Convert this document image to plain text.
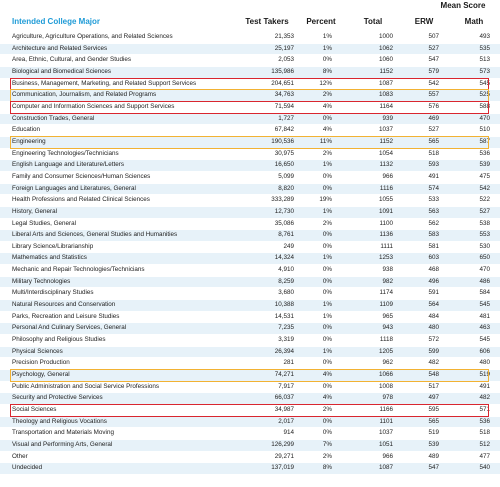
Mean Score
Intended College Major	Test Takers	Percent	Total	ERW	Math
Agriculture, Agriculture Operations, and Related Sciences	21,353	1%	1000	507	493
Architecture and Related Services	25,197	1%	1062	527	535
Area, Ethnic, Cultural, and Gender Studies	2,053	0%	1060	547	513
Biological and Biomedical Sciences	135,986	8%	1152	579	573
Business, Management, Marketing, and Related Support Services	204,651	12%	1087	542	545
Communication, Journalism, and Related Programs	34,763	2%	1083	557	525
Computer and Information Sciences and Support Services	71,594	4%	1164	576	588
Construction Trades, General	1,727	0%	939	469	470
Education	67,842	4%	1037	527	510
Engineering	190,536	11%	1152	565	587
Engineering Technologies/Technicians	30,975	2%	1054	518	536
English Language and Literature/Letters	16,650	1%	1132	593	539
Family and Consumer Sciences/Human Sciences	5,099	0%	966	491	475
Foreign Languages and Literatures, General	8,820	0%	1116	574	542
Health Professions and Related Clinical Sciences	333,289	19%	1055	533	522
History, General	12,730	1%	1091	563	527
Legal Studies, General	35,086	2%	1100	562	538
Liberal Arts and Sciences, General Studies and Humanities	8,761	0%	1136	583	553
Library Science/Librarianship	249	0%	1111	581	530
Mathematics and Statistics	14,324	1%	1253	603	650
Mechanic and Repair Technologies/Technicians	4,910	0%	938	468	470
Military Technologies	8,259	0%	982	496	486
Multi/Interdisciplinary Studies	3,680	0%	1174	591	584
Natural Resources and Conservation	10,388	1%	1109	564	545
Parks, Recreation and Leisure Studies	14,531	1%	965	484	481
Personal And Culinary Services, General	7,235	0%	943	480	463
Philosophy and Religious Studies	3,319	0%	1118	572	545
Physical Sciences	26,394	1%	1205	599	606
Precision Production	281	0%	962	482	480
Psychology, General	74,271	4%	1066	548	519
Public Administration and Social Service Professions	7,917	0%	1008	517	491
Security and Protective Services	66,037	4%	978	497	482
Social Sciences	34,987	2%	1166	595	571
Theology and Religious Vocations	2,017	0%	1101	565	536
Transportation and Materials Moving	914	0%	1037	519	518
Visual and Performing Arts, General	126,299	7%	1051	539	512
Other	29,271	2%	966	489	477
Undecided	137,019	8%	1087	547	540
